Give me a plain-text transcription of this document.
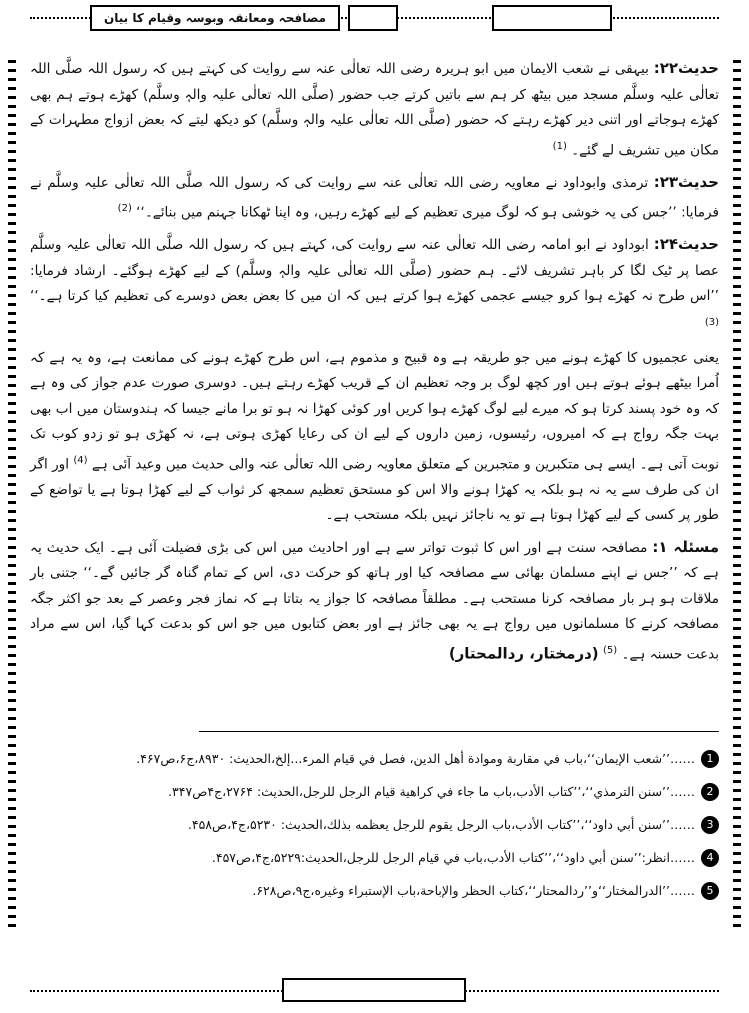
مصافحہ ومعانقہ وبوسہ وقیام کا بیان

حدیث۲۲: بیہقی نے شعب الایمان میں ابو ہریرہ رضی اللہ تعالٰی عنہ سے روایت کی کہتے ہیں کہ رسول اللہ صلَّی اللہ تعالٰی علیہ وسلَّم مسجد میں بیٹھ کر ہم سے باتیں کرتے جب حضور (صلَّی اللہ تعالٰی علیہ والہٖ وسلَّم) کھڑے ہوتے ہم بھی کھڑے ہوجاتے اور اتنی دیر کھڑے رہتے کہ حضور (صلَّی اللہ تعالٰی علیہ والہٖ وسلَّم) کو دیکھ لیتے کہ بعض ازواج مطہرات کے مکان میں تشریف لے گئے۔ $^{(1)}$

حدیث۲۳: ترمذی وابوداود نے معاویہ رضی اللہ تعالٰی عنہ سے روایت کی کہ رسول اللہ صلَّی اللہ تعالٰی علیہ وسلَّم نے فرمایا: ’’جس کی یہ خوشی ہو کہ لوگ میری تعظیم کے لیے کھڑے رہیں، وہ اپنا ٹھکانا جہنم میں بنائے۔‘‘ $^{(2)}$

حدیث۲۴: ابوداود نے ابو امامہ رضی اللہ تعالٰی عنہ سے روایت کی، کہتے ہیں کہ رسول اللہ صلَّی اللہ تعالٰی علیہ وسلَّم عصا پر ٹیک لگا کر باہر تشریف لائے۔ ہم حضور (صلَّی اللہ تعالٰی علیہ والہٖ وسلَّم) کے لیے کھڑے ہوگئے۔ ارشاد فرمایا: ’’اس طرح نہ کھڑے ہوا کرو جیسے عجمی کھڑے ہوا کرتے ہیں کہ ان میں کا بعض بعض دوسرے کی تعظیم کیا کرتا ہے۔‘‘ $^{(3)}$

یعنی عجمیوں کا کھڑے ہونے میں جو طریقہ ہے وہ قبیح و مذموم ہے، اس طرح کھڑے ہونے کی ممانعت ہے، وہ یہ ہے کہ اُمرا بیٹھے ہوئے ہوتے ہیں اور کچھ لوگ بر وجہ تعظیم ان کے قریب کھڑے رہتے ہیں۔ دوسری صورت عدم جواز کی وہ ہے کہ وہ خود پسند کرتا ہو کہ میرے لیے لوگ کھڑے ہوا کریں اور کوئی کھڑا نہ ہو تو برا مانے جیسا کہ ہندوستان میں اب بھی بہت جگہ رواج ہے کہ امیروں، رئیسوں، زمین داروں کے لیے ان کی رعایا کھڑی ہوتی ہے، نہ کھڑی ہو تو زدو کوب تک نوبت آتی ہے۔ ایسے ہی متکبرین و متجبرین کے متعلق معاویہ رضی اللہ تعالٰی عنہ والی حدیث میں وعید آئی ہے $^{(4)}$ اور اگر ان کی طرف سے یہ نہ ہو بلکہ یہ کھڑا ہونے والا اس کو مستحق تعظیم سمجھ کر ثواب کے لیے کھڑا ہوتا ہے یا تواضع کے طور پر کسی کے لیے کھڑا ہوتا ہے تو یہ ناجائز نہیں بلکہ مستحب ہے۔

مسئلہ ۱: مصافحہ سنت ہے اور اس کا ثبوت تواتر سے ہے اور احادیث میں اس کی بڑی فضیلت آئی ہے۔ ایک حدیث یہ ہے کہ ’’جس نے اپنے مسلمان بھائی سے مصافحہ کیا اور ہاتھ کو حرکت دی، اس کے تمام گناہ گر جائیں گے۔‘‘ جتنی بار ملاقات ہو ہر بار مصافحہ کرنا مستحب ہے۔ مطلقاً مصافحہ کا جواز یہ بتاتا ہے کہ نماز فجر وعصر کے بعد جو اکثر جگہ مصافحہ کرنے کا مسلمانوں میں رواج ہے یہ بھی جائز ہے اور بعض کتابوں میں جو اس کو بدعت کہا گیا، اس سے مراد بدعت حسنہ ہے۔ $^{(5)}$ (درمختار، ردالمحتار)

1
……’’شعب الإیمان‘‘،باب في مقاربة وموادة أھل الدین، فصل في قیام المرء...إلخ،الحدیث: ۸۹۳۰،ج۶،ص۴۶۷.
2
……’’سنن الترمذي‘‘،’’کتاب الأدب،باب ما جاء في کراھیة قیام الرجل للرجل،الحدیث: ۲۷۶۴،ج۴ص۳۴۷.
3
……’’سنن أبي داود‘‘،’’کتاب الأدب،باب الرجل یقوم للرجل یعظمه بذلك،الحدیث: ۵۲۳۰،ج۴،ص۴۵۸.
4
……انظر:’’سنن أبي داود‘‘،’’کتاب الأدب،باب في قیام الرجل للرجل،الحدیث:۵۲۲۹،ج۴،ص۴۵۷.
5
……’’الدرالمختار‘‘و’’ردالمحتار‘‘،کتاب الحظر والإباحة،باب الإستبراء وغیره،ج۹،ص۶۲۸.
